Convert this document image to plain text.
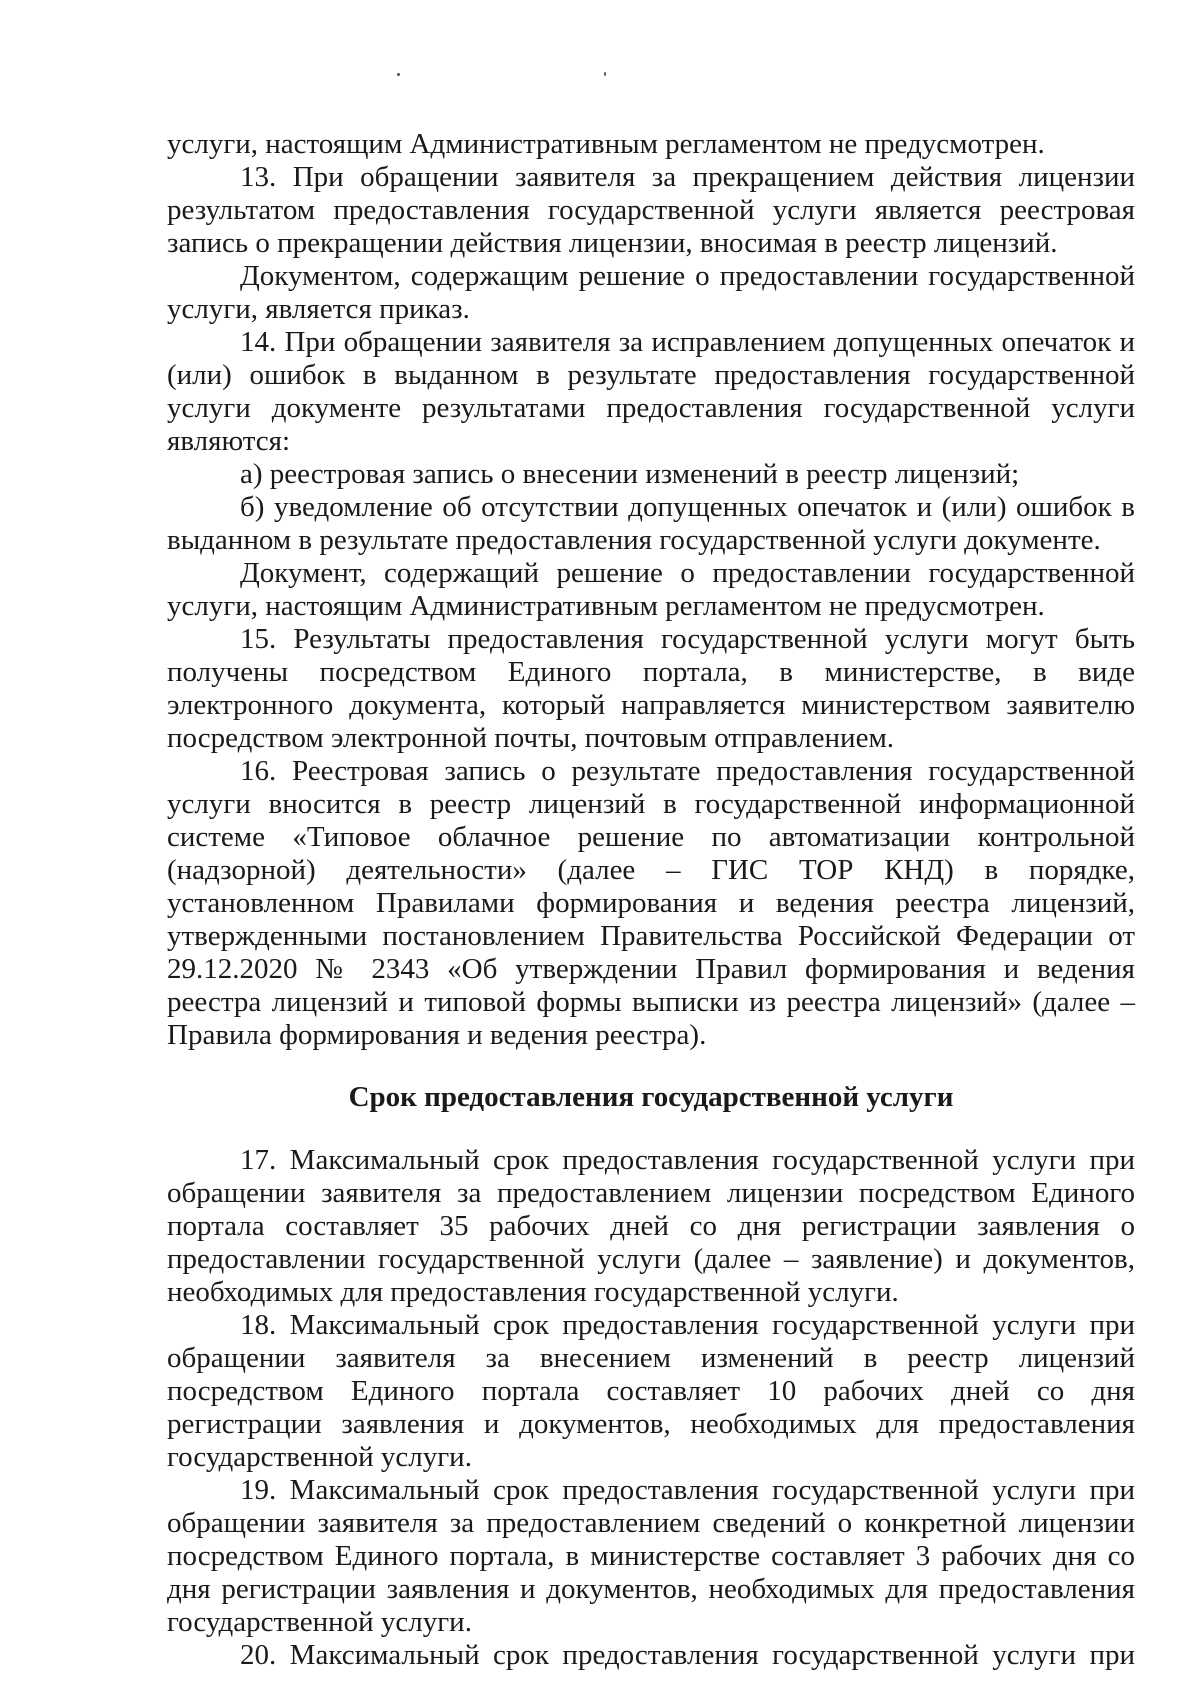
услуги, настоящим Административным регламентом не предусмотрен.

13. При обращении заявителя за прекращением действия лицензии результатом предоставления государственной услуги является реестровая запись о прекращении действия лицензии, вносимая в реестр лицензий.

Документом, содержащим решение о предоставлении государственной услуги, является приказ.

14. При обращении заявителя за исправлением допущенных опечаток и (или) ошибок в выданном в результате предоставления государственной услуги документе результатами предоставления государственной услуги являются:

а) реестровая запись о внесении изменений в реестр лицензий;

б) уведомление об отсутствии допущенных опечаток и (или) ошибок в выданном в результате предоставления государственной услуги документе.

Документ, содержащий решение о предоставлении государственной услуги, настоящим Административным регламентом не предусмотрен.

15. Результаты предоставления государственной услуги могут быть получены посредством Единого портала, в министерстве, в виде электронного документа, который направляется министерством заявителю посредством электронной почты, почтовым отправлением.

16. Реестровая запись о результате предоставления государственной услуги вносится в реестр лицензий в государственной информационной системе «Типовое облачное решение по автоматизации контрольной (надзорной) деятельности» (далее – ГИС ТОР КНД) в порядке, установленном Правилами формирования и ведения реестра лицензий, утвержденными постановлением Правительства Российской Федерации от 29.12.2020 № 2343 «Об утверждении Правил формирования и ведения реестра лицензий и типовой формы выписки из реестра лицензий» (далее – Правила формирования и ведения реестра).

Срок предоставления государственной услуги

17. Максимальный срок предоставления государственной услуги при обращении заявителя за предоставлением лицензии посредством Единого портала составляет 35 рабочих дней со дня регистрации заявления о предоставлении государственной услуги (далее – заявление) и документов, необходимых для предоставления государственной услуги.

18. Максимальный срок предоставления государственной услуги при обращении заявителя за внесением изменений в реестр лицензий посредством Единого портала составляет 10 рабочих дней со дня регистрации заявления и документов, необходимых для предоставления государственной услуги.

19. Максимальный срок предоставления государственной услуги при обращении заявителя за предоставлением сведений о конкретной лицензии посредством Единого портала, в министерстве составляет 3 рабочих дня со дня регистрации заявления и документов, необходимых для предоставления государственной услуги.

20. Максимальный срок предоставления государственной услуги при
